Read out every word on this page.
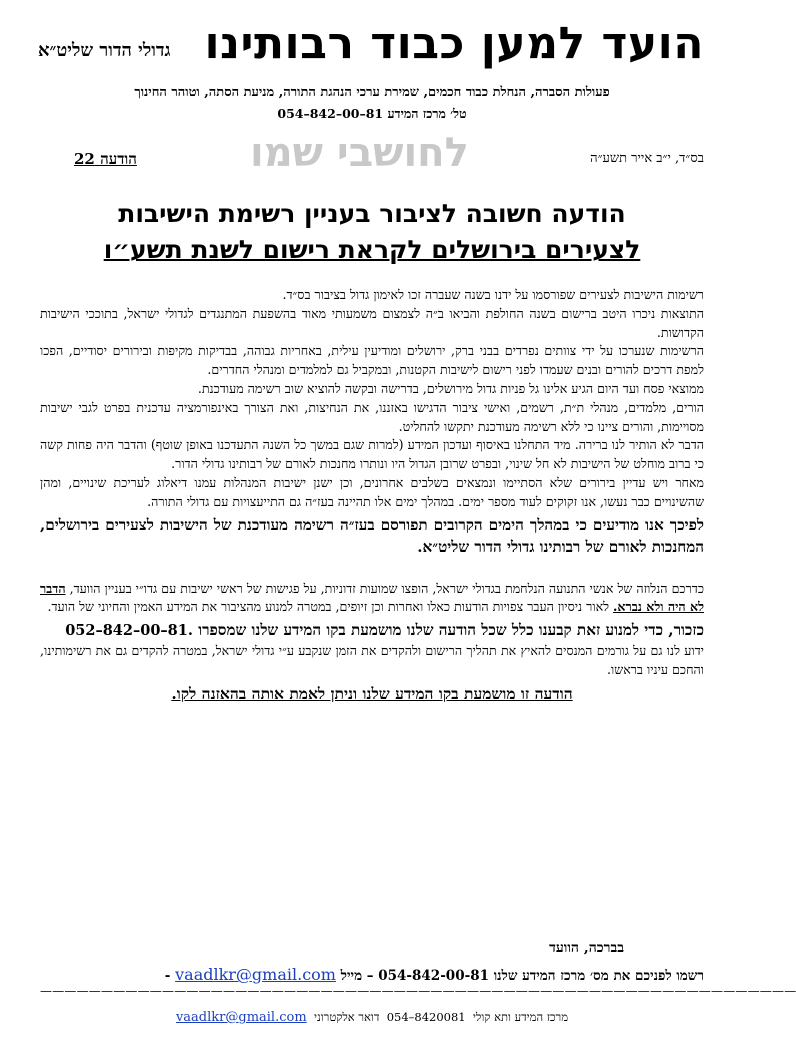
הועד למען כבוד רבותינו
גדולי הדור שליט״א
פעולות הסברה, הנחלת כבוד חכמים, שמירת ערכי הנהגת התורה, מניעת הסתה, וטוהר החינוך
טל׳ מרכז המידע 054–842–00–81
בס״ד, י״ב אייר תשע״ה
לחושבי שמו
הודעה 22
הודעה חשובה לציבור בעניין רשימת הישיבות
לצעירים בירושלים לקראת רישום לשנת תשע״ו

רשימות הישיבות לצעירים שפורסמו על ידנו בשנה שעברה זכו לאימון גדול בציבור בס״ד.

התוצאות ניכרו היטב ברישום בשנה החולפת והביאו ב״ה לצמצום משמעותי מאוד בהשפעת המתנגדים לגדולי ישראל, בתוככי הישיבות הקדושות.

הרשימות שנערכו על ידי צוותים נפרדים בבני ברק, ירושלים ומודיעין עילית, באחריות גבוהה, בבדיקות מקיפות ובירורים יסודיים, הפכו למפת דרכים להורים ובנים שעמדו לפני רישום לישיבות הקטנות, ובמקביל גם למלמדים ומנהלי החדרים.

ממוצאי פסח ועד היום הגיע אלינו גל פניות גדול מירושלים, בדרישה ובקשה להוציא שוב רשימה מעודכנת.

הורים, מלמדים, מנהלי ת״ת, רשמים, ואישי ציבור הדגישו באזננו, את הנחיצות, ואת הצורך באינפורמציה עדכנית בפרט לגבי ישיבות מסויימות, והורים ציינו כי ללא רשימה מעודכנת יתקשו להחליט.

הדבר לא הותיר לנו ברירה. מיד התחלנו באיסוף ועדכון המידע (למרות שגם במשך כל השנה התעדכנו באופן שוטף) והדבר היה פחות קשה כי ברוב מוחלט של הישיבות לא חל שינוי, ובפרט שרובן הגדול היו ונותרו מחנכות לאורם של רבותינו גדולי הדור.

מאחר ויש עדיין בירורים שלא הסתיימו ונמצאים בשלבים אחרונים, וכן ישנן ישיבות המנהלות עמנו דיאלוג לעריכת שינויים, ומהן שהשינויים כבר נעשו, אנו זקוקים לעוד מספר ימים. במהלך ימים אלו תהיינה בעז״ה גם התייעצויות עם גדולי התורה.

לפיכך אנו מודיעים כי במהלך הימים הקרובים תפורסם בעז״ה רשימה מעודכנת של הישיבות לצעירים בירושלים, המחנכות לאורם של רבותינו גדולי הדור שליט״א.

כדרכם הנלוזה של אנשי התנועה הנלחמת בגדולי ישראל, הופצו שמועות זדוניות, על פגישות של ראשי ישיבות עם גדו״י בעניין הוועד, הדבר לא היה ולא נברא. לאור ניסיון העבר צפויות הודעות כאלו ואחרות וכן זיופים, במטרה למנוע מהציבור את המידע האמין והחיוני של הועד.

כזכור, כדי למנוע זאת קבענו כלל שכל הודעה שלנו מושמעת בקו המידע שלנו שמספרו 052–842–00–81.

ידוע לנו גם על גורמים המנסים להאיץ את תהליך הרישום ולהקדים את הזמן שנקבע ע״י גדולי ישראל, במטרה להקדים גם את רשימותינו, והחכם עיניו בראשו.

הודעה זו מושמעת בקו המידע שלנו וניתן לאמת אותה בהאזנה לקו.

בברכה, הוועד
רשמו לפניכם את מס׳ מרכז המידע שלנו 054-842-00-81 – מייל vaadlkr@gmail.com -
——————————————————————————————————————————————————————————————
מרכז המידע ותא קולי  054–8420081  דואר אלקטרוני  vaadlkr@gmail.com
